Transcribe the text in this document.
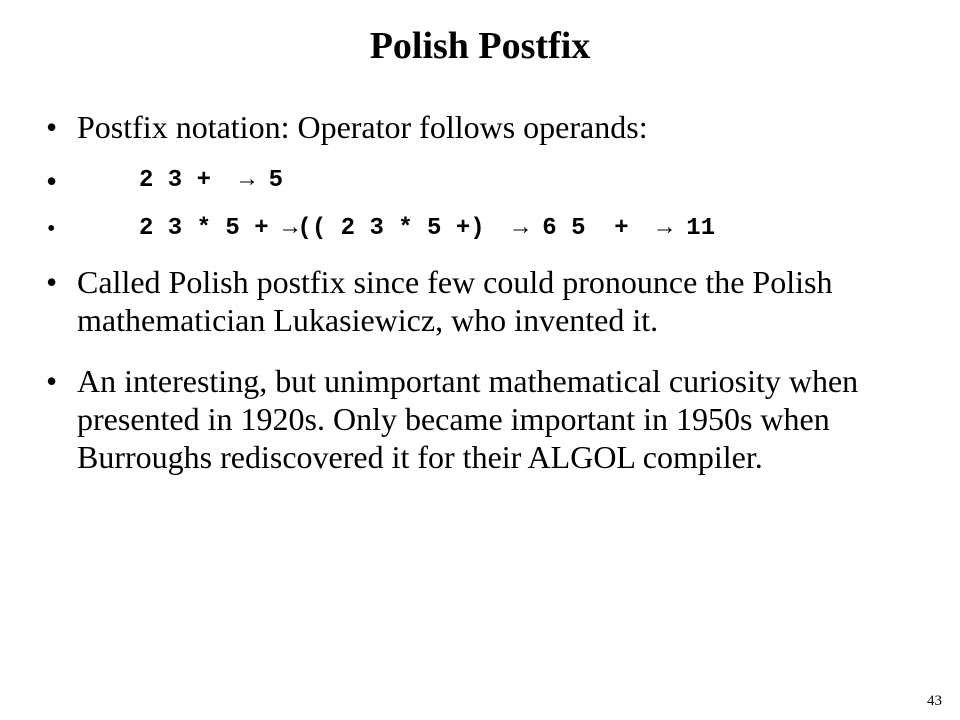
Polish Postfix
• Postfix notation: Operator follows operands:
•	2 3 +  → 5
•	2 3 * 5 + →(( 2 3 * 5 +)  → 6 5  +  → 11
• Called Polish postfix since few could pronounce the Polish mathematician Lukasiewicz, who invented it.
• An interesting, but unimportant mathematical curiosity when presented in 1920s. Only became important in 1950s when Burroughs rediscovered it for their ALGOL compiler.
43
